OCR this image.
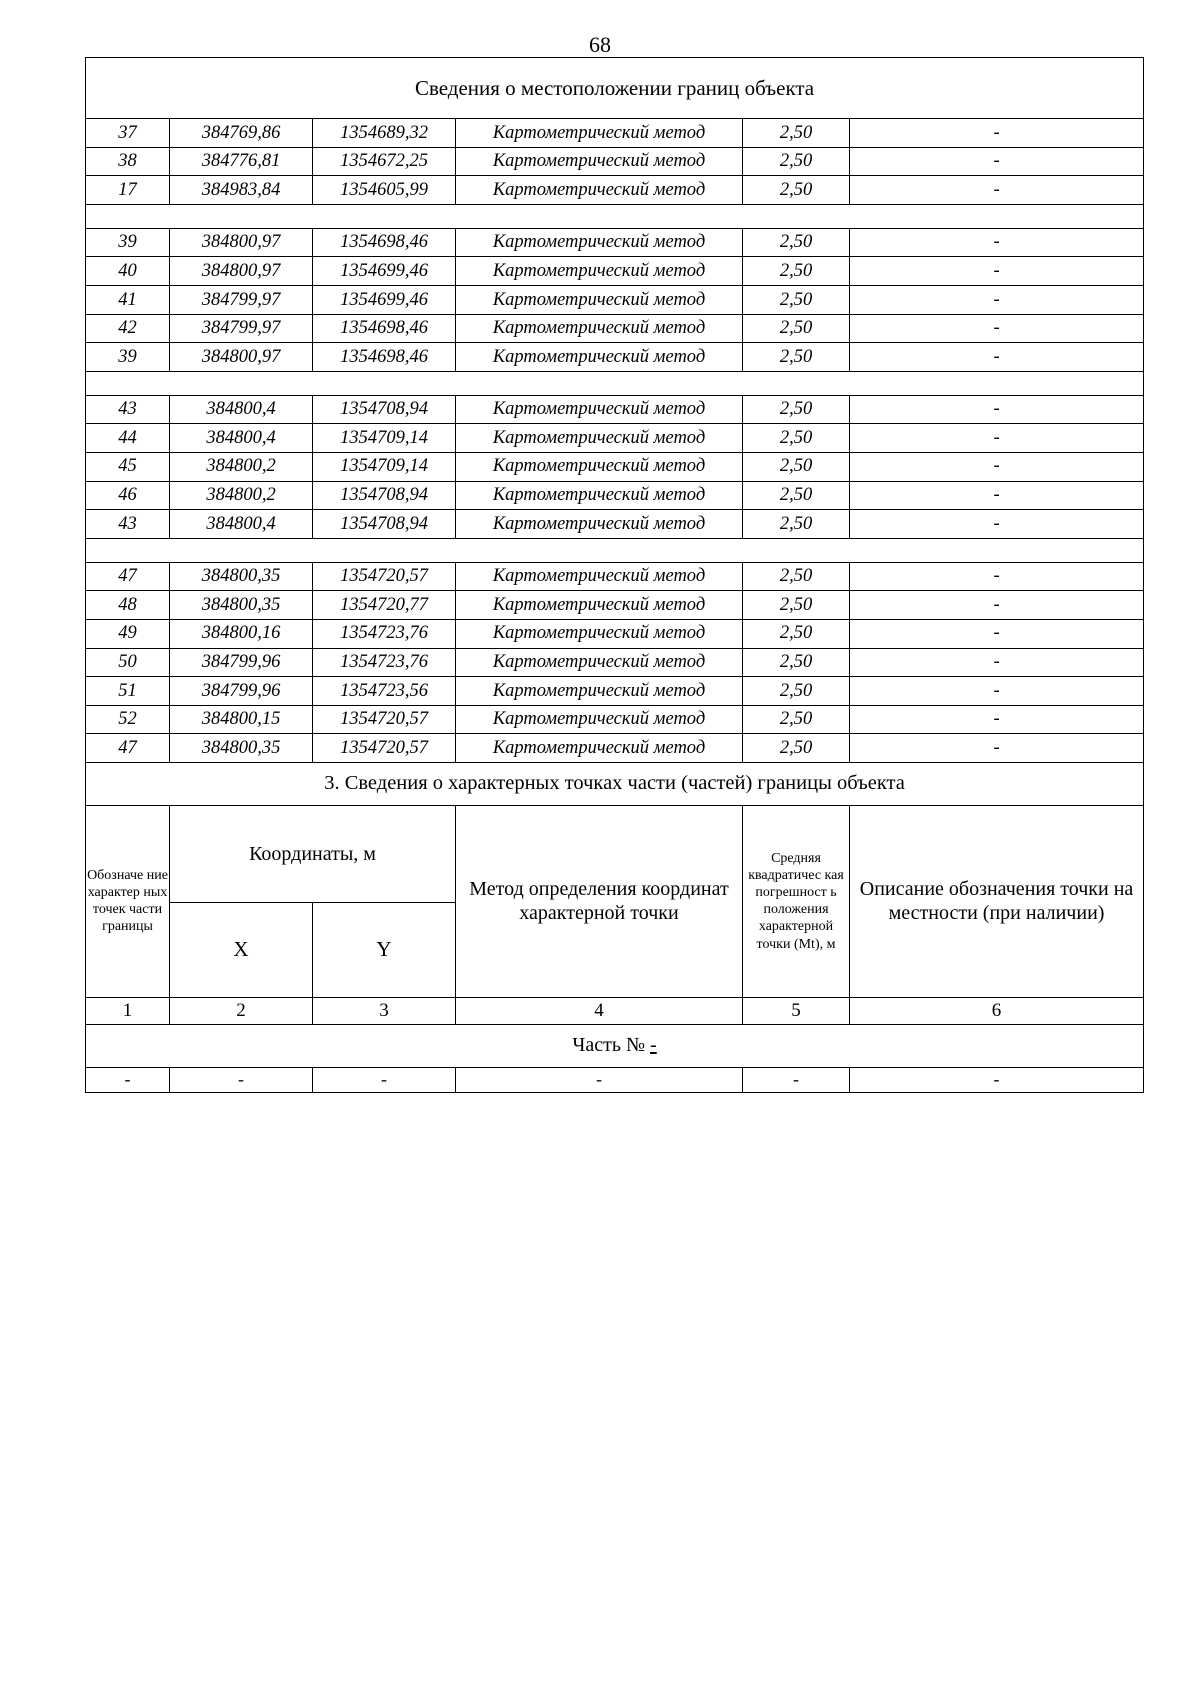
68
Сведения о местоположении границ объекта					
37	384769,86	1354689,32	Картометрический метод	2,50	-
38	384776,81	1354672,25	Картометрический метод	2,50	-
17	384983,84	1354605,99	Картометрический метод	2,50	-

39	384800,97	1354698,46	Картометрический метод	2,50	-
40	384800,97	1354699,46	Картометрический метод	2,50	-
41	384799,97	1354699,46	Картометрический метод	2,50	-
42	384799,97	1354698,46	Картометрический метод	2,50	-
39	384800,97	1354698,46	Картометрический метод	2,50	-

43	384800,4	1354708,94	Картометрический метод	2,50	-
44	384800,4	1354709,14	Картометрический метод	2,50	-
45	384800,2	1354709,14	Картометрический метод	2,50	-
46	384800,2	1354708,94	Картометрический метод	2,50	-
43	384800,4	1354708,94	Картометрический метод	2,50	-

47	384800,35	1354720,57	Картометрический метод	2,50	-
48	384800,35	1354720,77	Картометрический метод	2,50	-
49	384800,16	1354723,76	Картометрический метод	2,50	-
50	384799,96	1354723,76	Картометрический метод	2,50	-
51	384799,96	1354723,56	Картометрический метод	2,50	-
52	384800,15	1354720,57	Картометрический метод	2,50	-
47	384800,35	1354720,57	Картометрический метод	2,50	-
3. Сведения о характерных точках части (частей) границы объекта					
Обозначе ние характер ных точек части границы	Координаты, м		Метод определения координат характерной точки	Средняя квадратичес кая погрешност ь положения характерной точки (Mt), м	Описание обозначения точки на местности (при наличии)
	X	Y			
1	2	3	4	5	6
Часть № -					
-	-	-	-	-	-
